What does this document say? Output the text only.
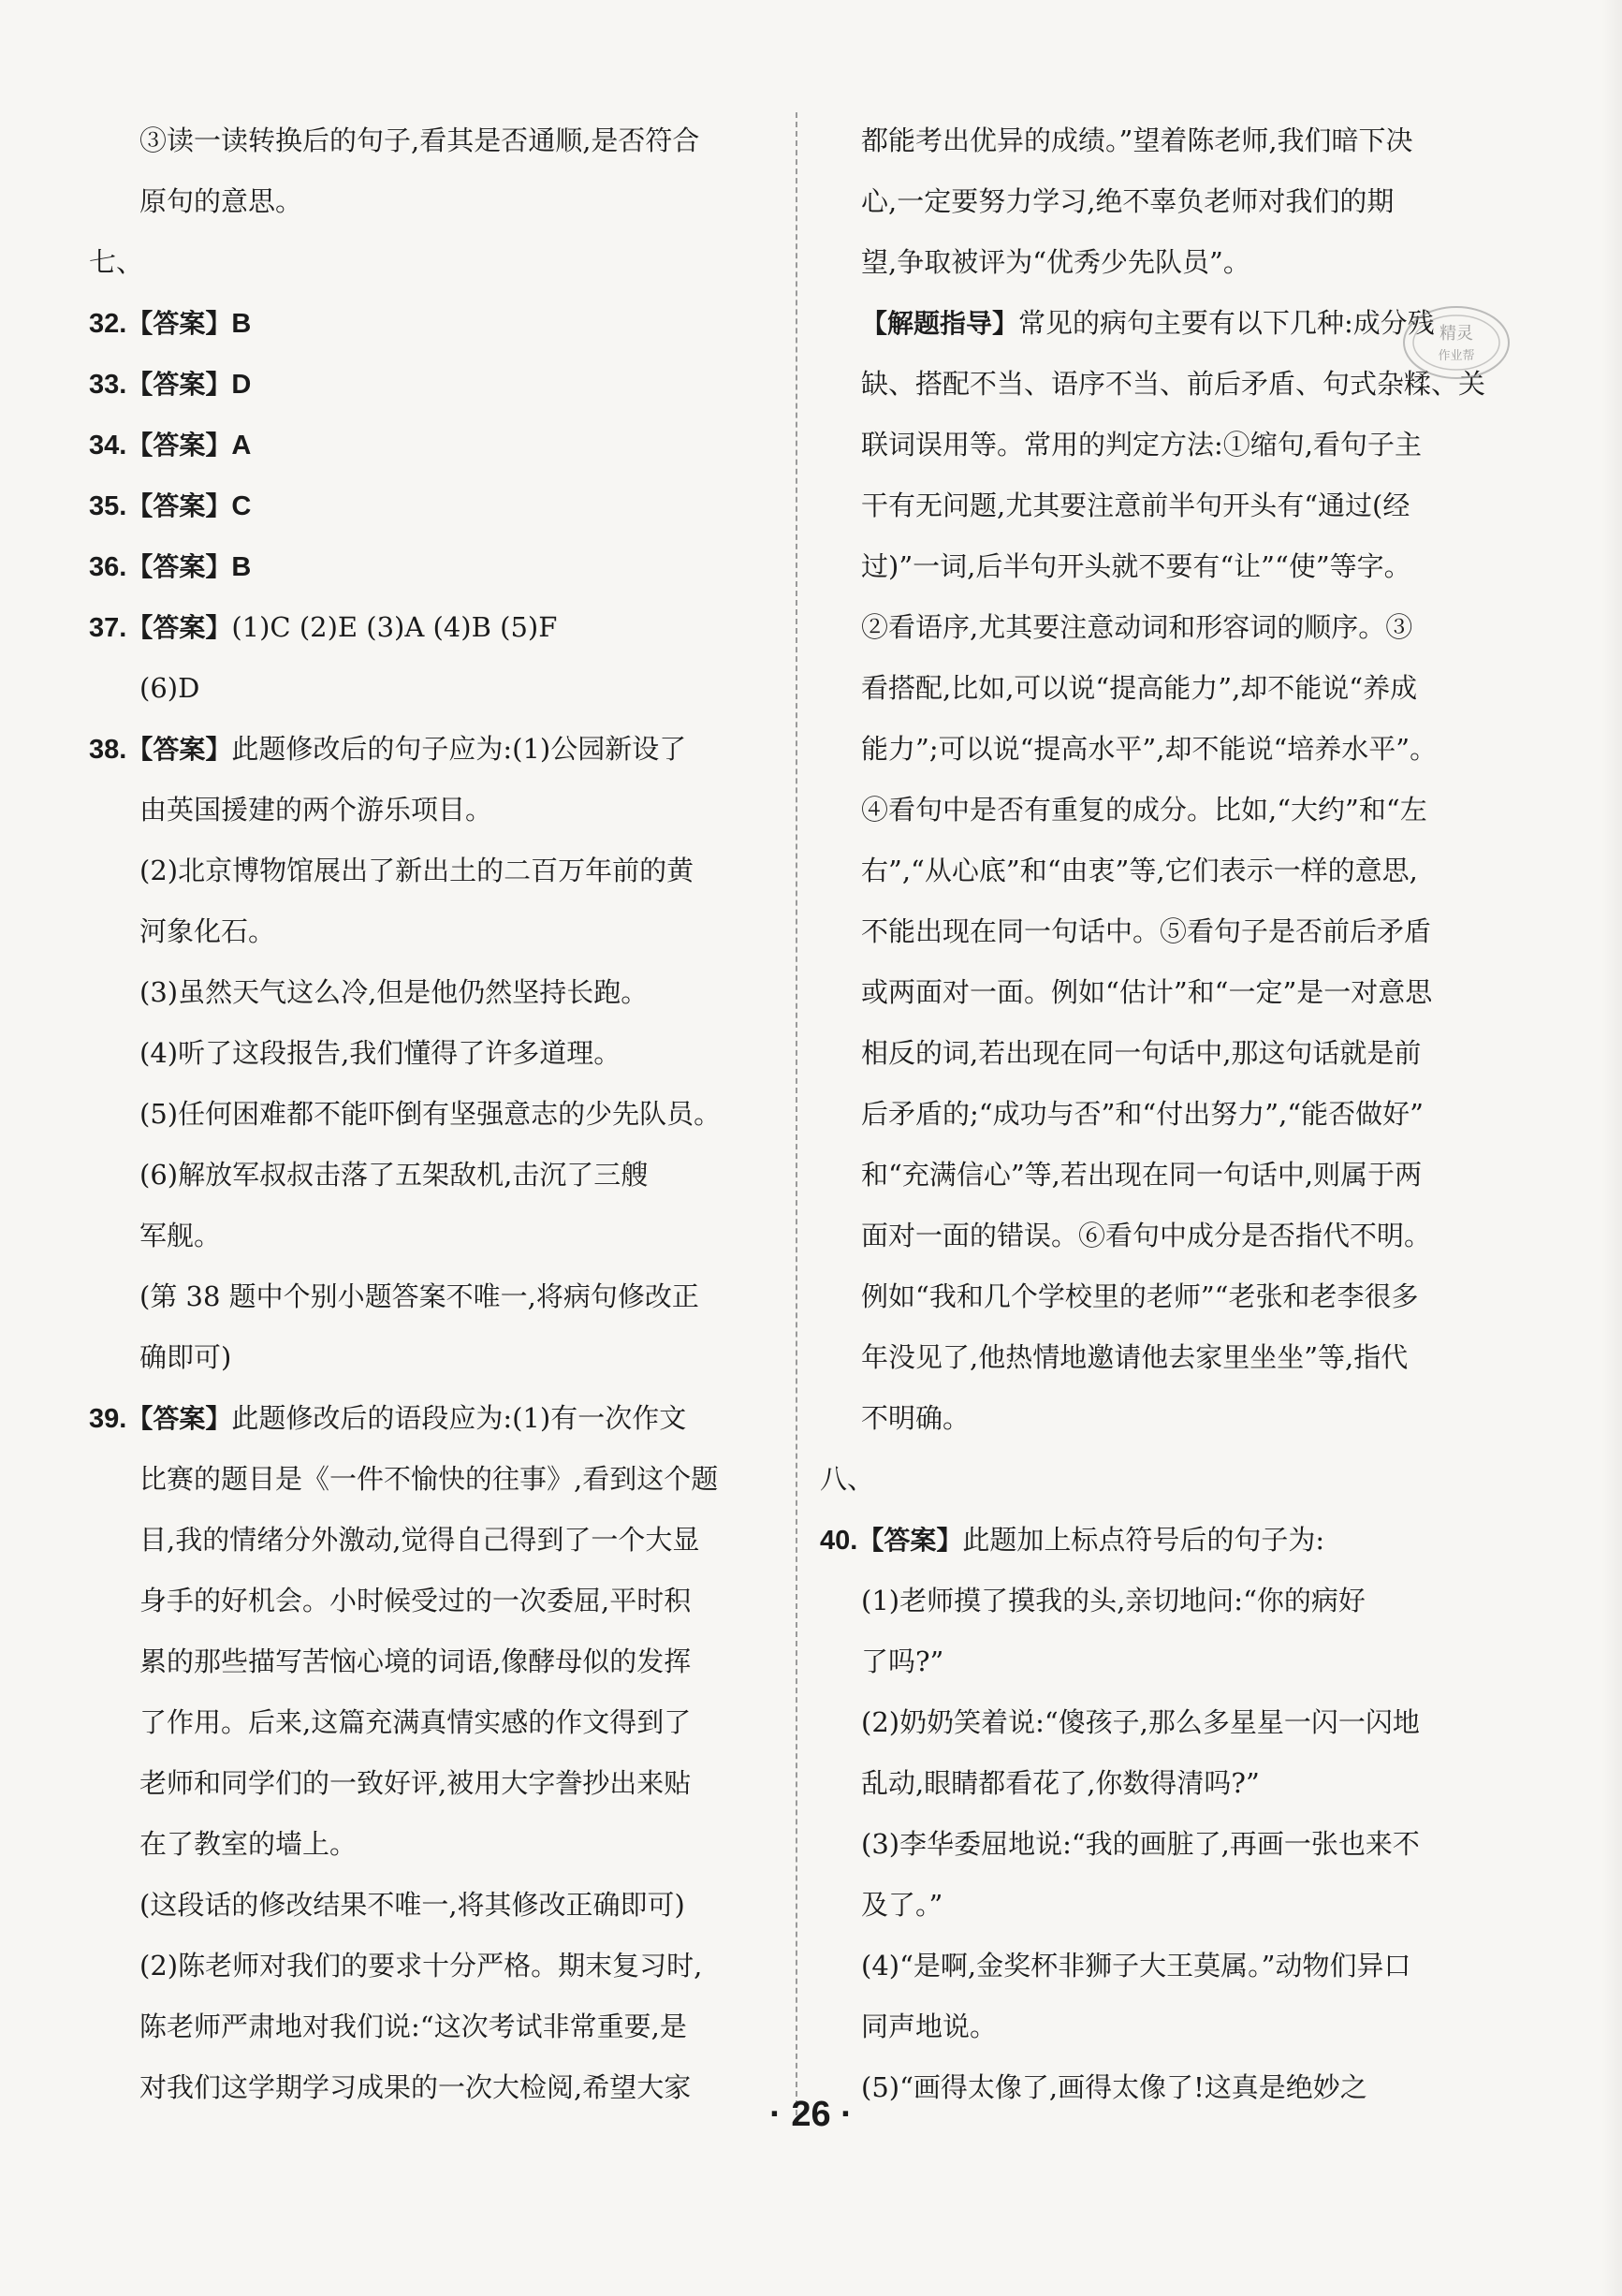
③读一读转换后的句子,看其是否通顺,是否符合
原句的意思。
七、
32.【答案】B
33.【答案】D
34.【答案】A
35.【答案】C
36.【答案】B
37.【答案】(1)C (2)E (3)A (4)B (5)F
(6)D
38.【答案】此题修改后的句子应为:(1)公园新设了
由英国援建的两个游乐项目。
(2)北京博物馆展出了新出土的二百万年前的黄
河象化石。
(3)虽然天气这么冷,但是他仍然坚持长跑。
(4)听了这段报告,我们懂得了许多道理。
(5)任何困难都不能吓倒有坚强意志的少先队员。
(6)解放军叔叔击落了五架敌机,击沉了三艘
军舰。
(第 38 题中个别小题答案不唯一,将病句修改正
确即可)
39.【答案】此题修改后的语段应为:(1)有一次作文
比赛的题目是《一件不愉快的往事》,看到这个题
目,我的情绪分外激动,觉得自己得到了一个大显
身手的好机会。小时候受过的一次委屈,平时积
累的那些描写苦恼心境的词语,像酵母似的发挥
了作用。后来,这篇充满真情实感的作文得到了
老师和同学们的一致好评,被用大字誊抄出来贴
在了教室的墙上。
(这段话的修改结果不唯一,将其修改正确即可)
(2)陈老师对我们的要求十分严格。期末复习时,
陈老师严肃地对我们说:“这次考试非常重要,是
对我们这学期学习成果的一次大检阅,希望大家
都能考出优异的成绩。”望着陈老师,我们暗下决
心,一定要努力学习,绝不辜负老师对我们的期
望,争取被评为“优秀少先队员”。
【解题指导】常见的病句主要有以下几种:成分残
缺、搭配不当、语序不当、前后矛盾、句式杂糅、关
联词误用等。常用的判定方法:①缩句,看句子主
干有无问题,尤其要注意前半句开头有“通过(经
过)”一词,后半句开头就不要有“让”“使”等字。
②看语序,尤其要注意动词和形容词的顺序。③
看搭配,比如,可以说“提高能力”,却不能说“养成
能力”;可以说“提高水平”,却不能说“培养水平”。
④看句中是否有重复的成分。比如,“大约”和“左
右”,“从心底”和“由衷”等,它们表示一样的意思,
不能出现在同一句话中。⑤看句子是否前后矛盾
或两面对一面。例如“估计”和“一定”是一对意思
相反的词,若出现在同一句话中,那这句话就是前
后矛盾的;“成功与否”和“付出努力”,“能否做好”
和“充满信心”等,若出现在同一句话中,则属于两
面对一面的错误。⑥看句中成分是否指代不明。
例如“我和几个学校里的老师”“老张和老李很多
年没见了,他热情地邀请他去家里坐坐”等,指代
不明确。
八、
40.【答案】此题加上标点符号后的句子为:
(1)老师摸了摸我的头,亲切地问:“你的病好
了吗?”
(2)奶奶笑着说:“傻孩子,那么多星星一闪一闪地
乱动,眼睛都看花了,你数得清吗?”
(3)李华委屈地说:“我的画脏了,再画一张也来不
及了。”
(4)“是啊,金奖杯非狮子大王莫属。”动物们异口
同声地说。
(5)“画得太像了,画得太像了!这真是绝妙之
精灵
作业帮
· 26 ·
